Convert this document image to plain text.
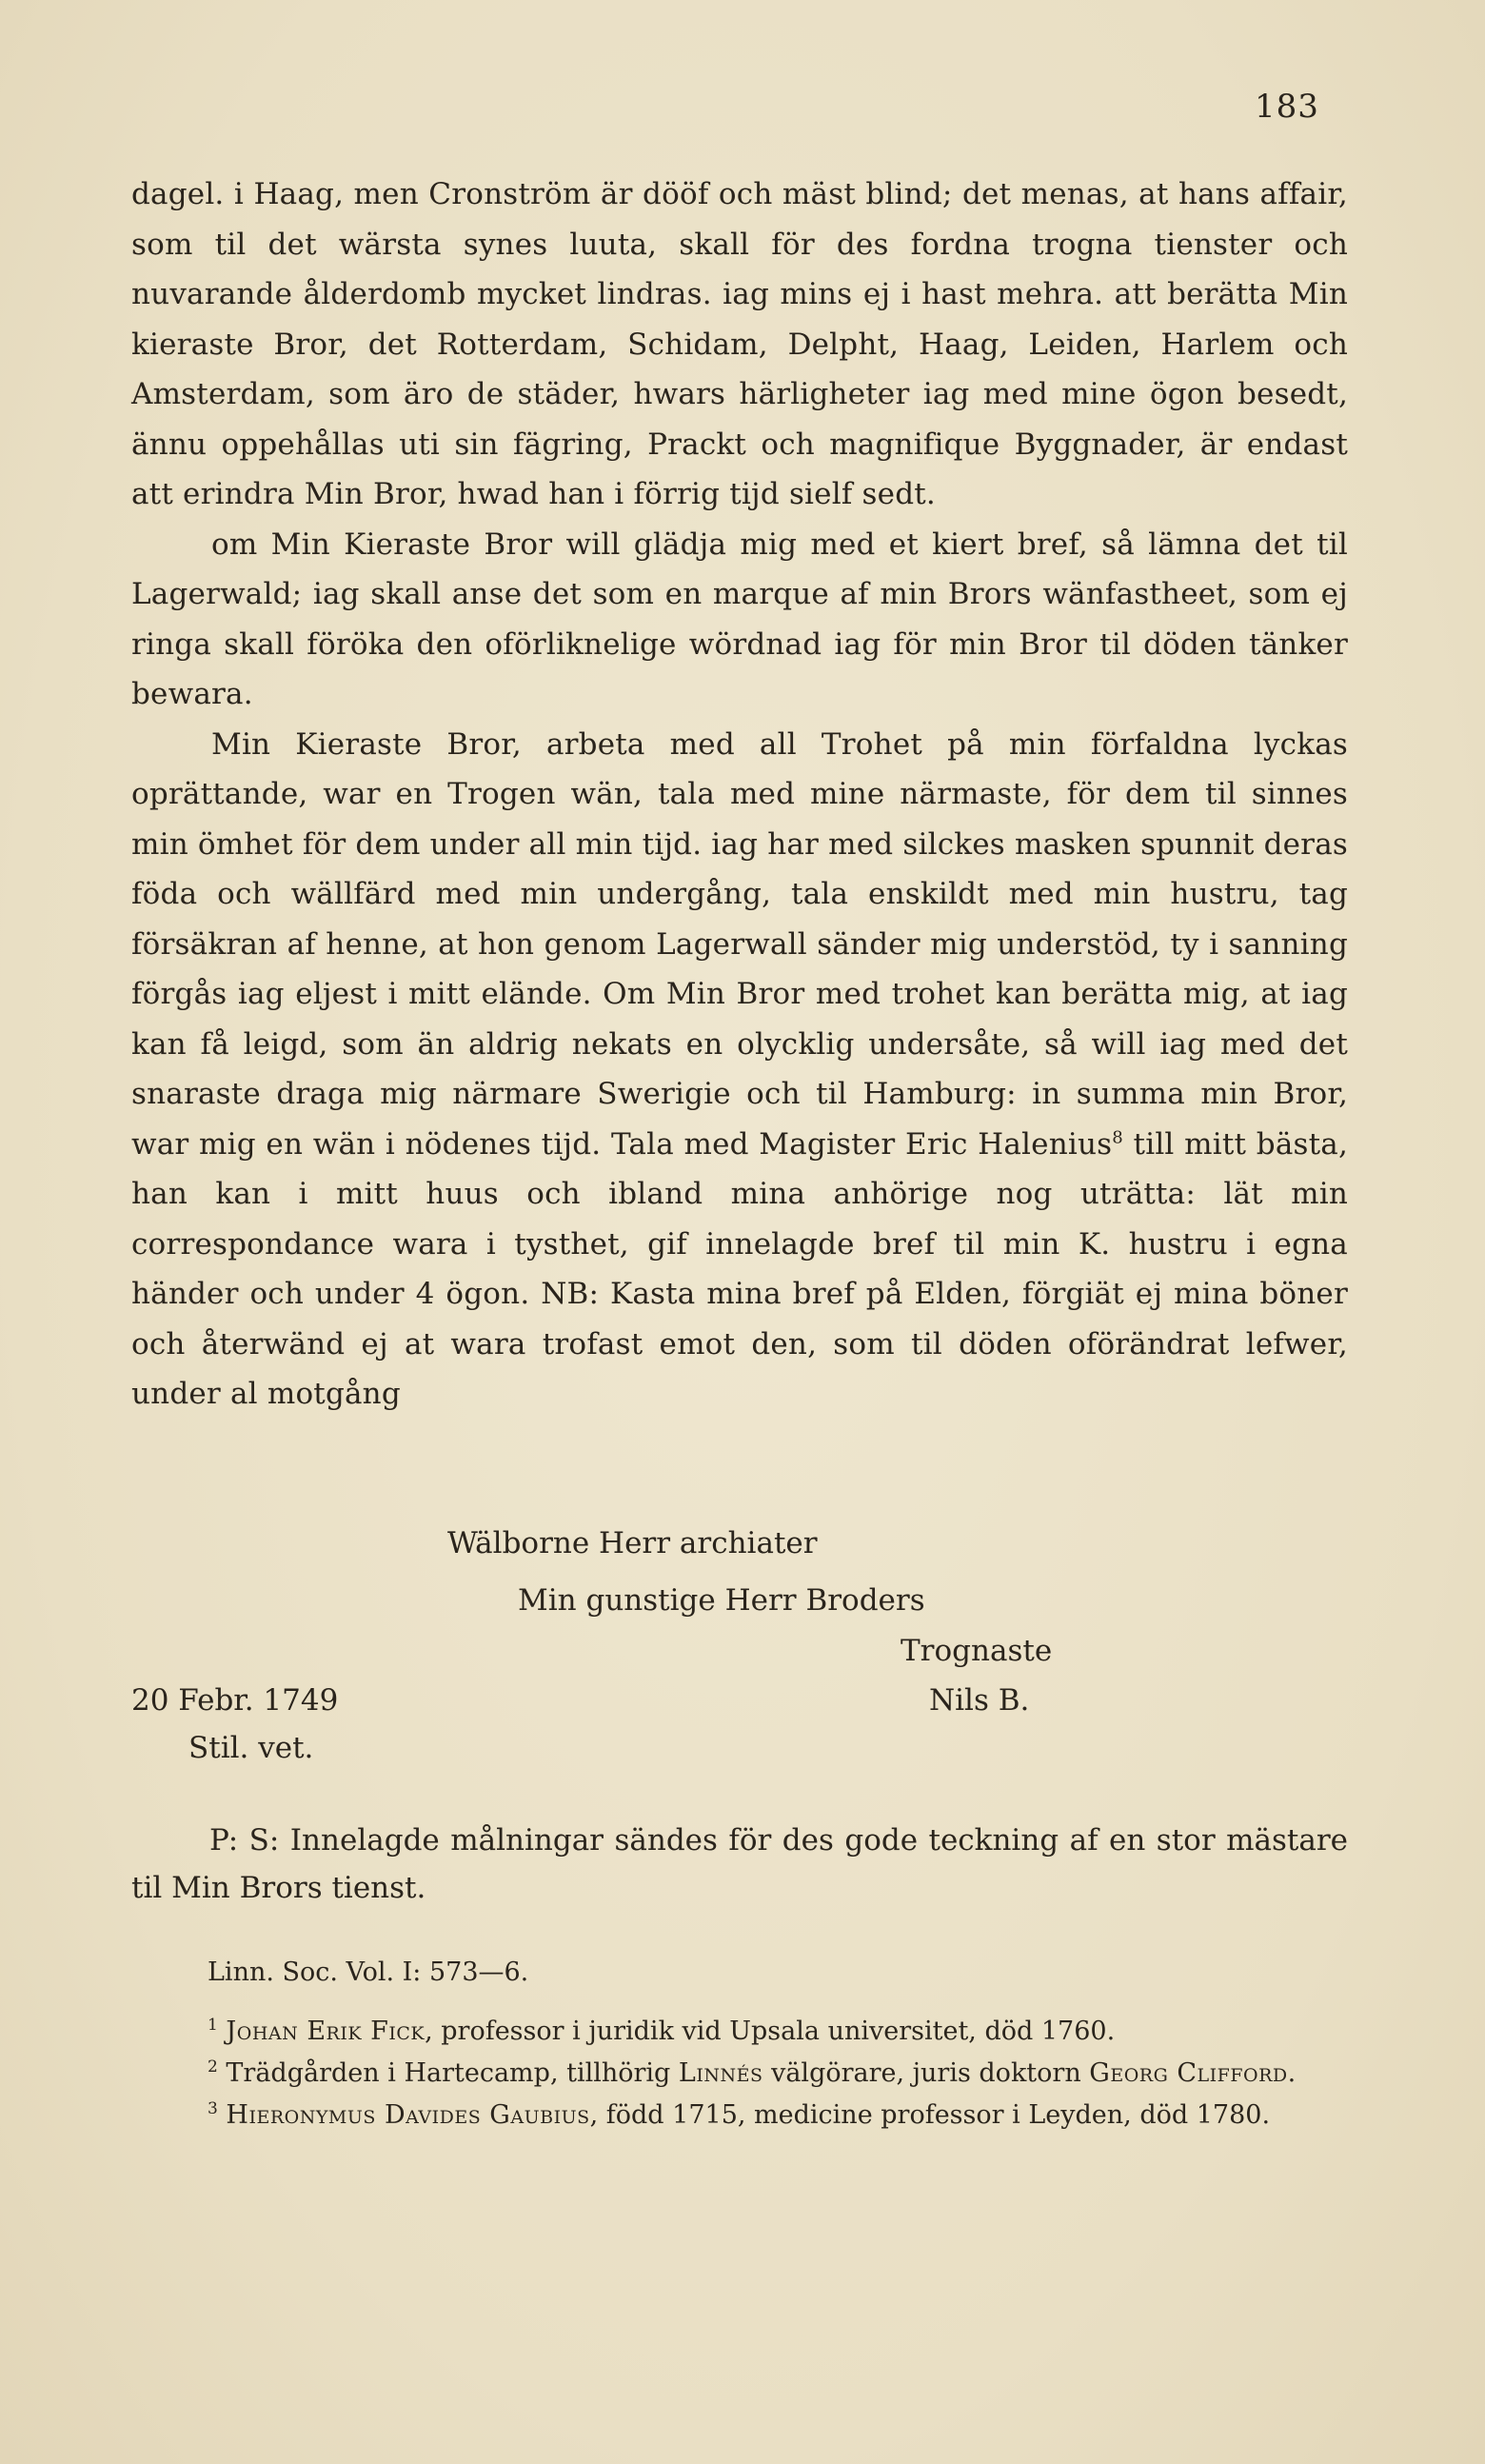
183

dagel. i Haag, men Cronström är dööf och mäst blind; det menas, at hans affair, som til det wärsta synes luuta, skall för des fordna trogna tienster och nuvarande ålderdomb mycket lindras. iag mins ej i hast mehra. att berätta Min kieraste Bror, det Rotterdam, Schidam, Delpht, Haag, Leiden, Harlem och Amsterdam, som äro de städer, hwars härligheter iag med mine ögon besedt, ännu oppehållas uti sin fägring, Prackt och magnifique Byggnader, är endast att erindra Min Bror, hwad han i förrig tijd sielf sedt.

om Min Kieraste Bror will glädja mig med et kiert bref, så lämna det til Lagerwald; iag skall anse det som en marque af min Brors wänfastheet, som ej ringa skall föröka den oförliknelige wördnad iag för min Bror til döden tänker bewara.

Min Kieraste Bror, arbeta med all Trohet på min förfaldna lyckas oprättande, war en Trogen wän, tala med mine närmaste, för dem til sinnes min ömhet för dem under all min tijd. iag har med silckes masken spunnit deras föda och wällfärd med min undergång, tala enskildt med min hustru, tag försäkran af henne, at hon genom Lagerwall sänder mig understöd, ty i sanning förgås iag eljest i mitt elände. Om Min Bror med trohet kan berätta mig, at iag kan få leigd, som än aldrig nekats en olycklig undersåte, så will iag med det snaraste draga mig närmare Swerigie och til Hamburg: in summa min Bror, war mig en wän i nödenes tijd. Tala med Magister Eric Halenius$^8$ till mitt bästa, han kan i mitt huus och ibland mina anhörige nog uträtta: lät min correspondance wara i tysthet, gif innelagde bref til min K. hustru i egna händer och under 4 ögon. NB: Kasta mina bref på Elden, förgiät ej mina böner och återwänd ej at wara trofast emot den, som til döden oförändrat lefwer, under al motgång

Wälborne Herr archiater
Min gunstige Herr Broders
Trognaste
20 Febr. 1749	Nils B.
Stil. vet.

P: S: Innelagde målningar sändes för des gode teckning af en stor mästare til Min Brors tienst.

Linn. Soc. Vol. I: 573—6.

$^1$ Johan Erik Fick, professor i juridik vid Upsala universitet, död 1760.

$^2$ Trädgården i Hartecamp, tillhörig Linnés välgörare, juris doktorn Georg Clifford.

$^3$ Hieronymus Davides Gaubius, född 1715, medicine professor i Leyden, död 1780.
